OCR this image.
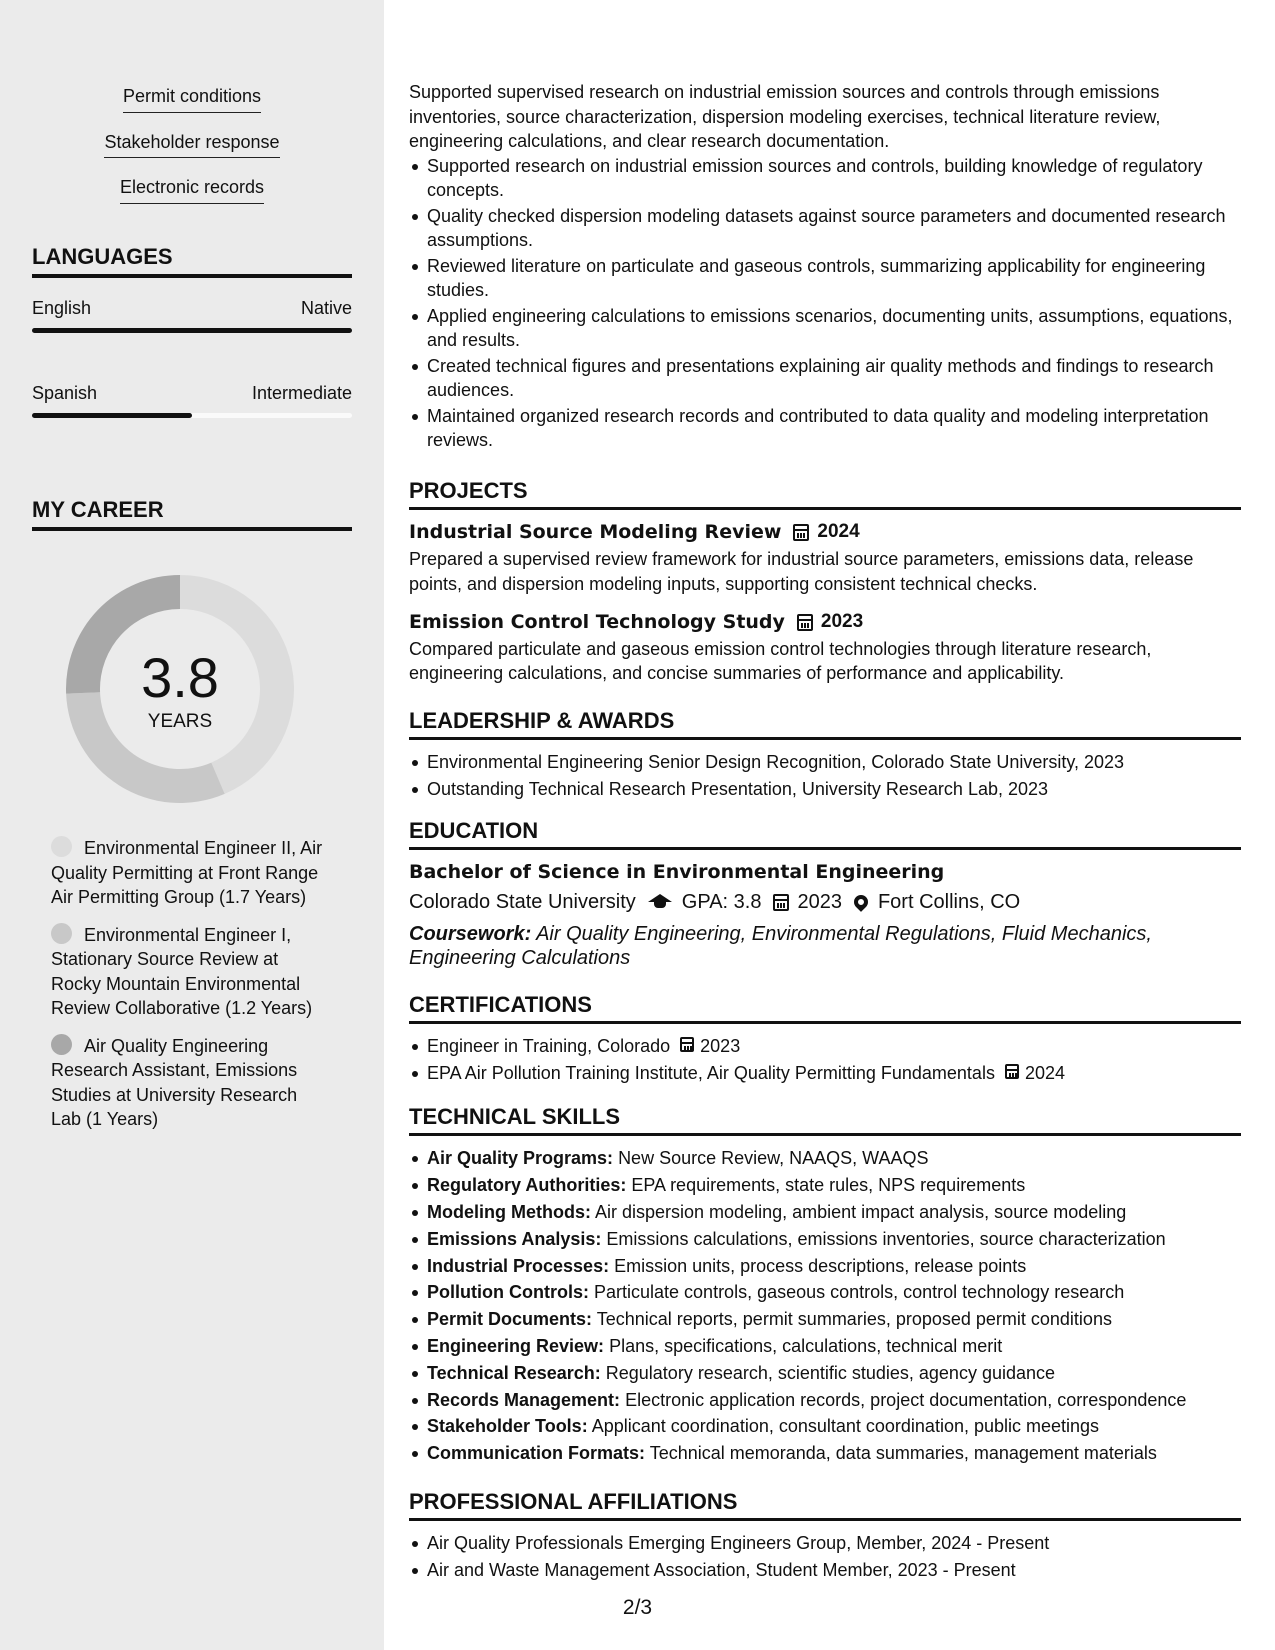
Permit conditions
Stakeholder response
Electronic records
LANGUAGES
English	Native
Spanish	Intermediate
MY CAREER
3.8
YEARS
Environmental Engineer II, Air Quality Permitting at Front Range Air Permitting Group (1.7 Years)
Environmental Engineer I, Stationary Source Review at Rocky Mountain Environmental Review Collaborative (1.2 Years)
Air Quality Engineering Research Assistant, Emissions Studies at University Research Lab (1 Years)

Supported supervised research on industrial emission sources and controls through emissions inventories, source characterization, dispersion modeling exercises, technical literature review, engineering calculations, and clear research documentation.

Supported research on industrial emission sources and controls, building knowledge of regulatory concepts.
Quality checked dispersion modeling datasets against source parameters and documented research assumptions.
Reviewed literature on particulate and gaseous controls, summarizing applicability for engineering studies.
Applied engineering calculations to emissions scenarios, documenting units, assumptions, equations, and results.
Created technical figures and presentations explaining air quality methods and findings to research audiences.
Maintained organized research records and contributed to data quality and modeling interpretation reviews.
PROJECTS
Industrial Source Modeling Review 2024

Prepared a supervised review framework for industrial source parameters, emissions data, release points, and dispersion modeling inputs, supporting consistent technical checks.

Emission Control Technology Study 2023

Compared particulate and gaseous emission control technologies through literature research, engineering calculations, and concise summaries of performance and applicability.

LEADERSHIP & AWARDS
Environmental Engineering Senior Design Recognition, Colorado State University, 2023
Outstanding Technical Research Presentation, University Research Lab, 2023
EDUCATION
Bachelor of Science in Environmental Engineering
Colorado State University GPA: 3.8 2023 Fort Collins, CO

Coursework: Air Quality Engineering, Environmental Regulations, Fluid Mechanics, Engineering Calculations

CERTIFICATIONS
Engineer in Training, Colorado 2023
EPA Air Pollution Training Institute, Air Quality Permitting Fundamentals 2024
TECHNICAL SKILLS
Air Quality Programs: New Source Review, NAAQS, WAAQS
Regulatory Authorities: EPA requirements, state rules, NPS requirements
Modeling Methods: Air dispersion modeling, ambient impact analysis, source modeling
Emissions Analysis: Emissions calculations, emissions inventories, source characterization
Industrial Processes: Emission units, process descriptions, release points
Pollution Controls: Particulate controls, gaseous controls, control technology research
Permit Documents: Technical reports, permit summaries, proposed permit conditions
Engineering Review: Plans, specifications, calculations, technical merit
Technical Research: Regulatory research, scientific studies, agency guidance
Records Management: Electronic application records, project documentation, correspondence
Stakeholder Tools: Applicant coordination, consultant coordination, public meetings
Communication Formats: Technical memoranda, data summaries, management materials
PROFESSIONAL AFFILIATIONS
Air Quality Professionals Emerging Engineers Group, Member, 2024 - Present
Air and Waste Management Association, Student Member, 2023 - Present
2/3
